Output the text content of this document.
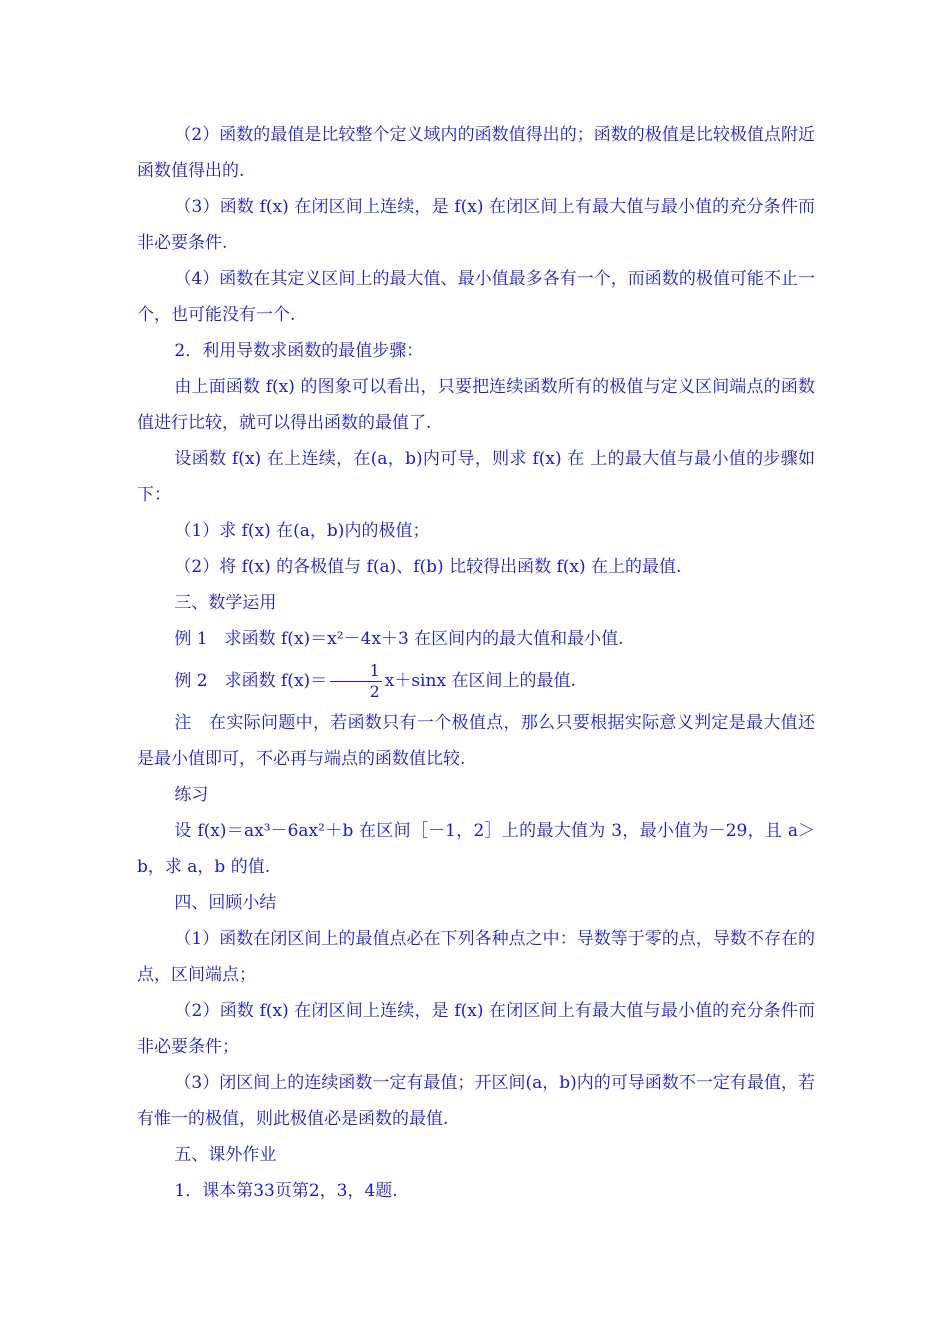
（2）函数的最值是比较整个定义域内的函数值得出的；函数的极值是比较极值点附近函数值得出的.

（3）函数 f(x) 在闭区间上连续，是 f(x) 在闭区间上有最大值与最小值的充分条件而非必要条件.

（4）函数在其定义区间上的最大值、最小值最多各有一个，而函数的极值可能不止一个，也可能没有一个.

2．利用导数求函数的最值步骤：

由上面函数 f(x) 的图象可以看出，只要把连续函数所有的极值与定义区间端点的函数值进行比较，就可以得出函数的最值了.

设函数 f(x) 在上连续，在(a，b)内可导，则求 f(x) 在 上的最大值与最小值的步骤如下：

（1）求 f(x) 在(a，b)内的极值；

（2）将 f(x) 的各极值与 f(a)、f(b) 比较得出函数 f(x) 在上的最值.

三、数学运用

例 1　求函数 f(x)＝x²－4x＋3 在区间内的最大值和最小值.

例 2　求函数 $f(x)= \frac{1}{2} x+\sin x$ 在区间上的最值.

注　在实际问题中，若函数只有一个极值点，那么只要根据实际意义判定是最大值还是最小值即可，不必再与端点的函数值比较.

练习

设 f(x)＝ax³－6ax²＋b 在区间［－1，2］上的最大值为 3，最小值为－29，且 a＞b，求 a，b 的值.

四、回顾小结

（1）函数在闭区间上的最值点必在下列各种点之中：导数等于零的点，导数不存在的点，区间端点；

（2）函数 f(x) 在闭区间上连续，是 f(x) 在闭区间上有最大值与最小值的充分条件而非必要条件；

（3）闭区间上的连续函数一定有最值；开区间(a，b)内的可导函数不一定有最值，若有惟一的极值，则此极值必是函数的最值.

五、课外作业

1．课本第33页第2，3，4题.
